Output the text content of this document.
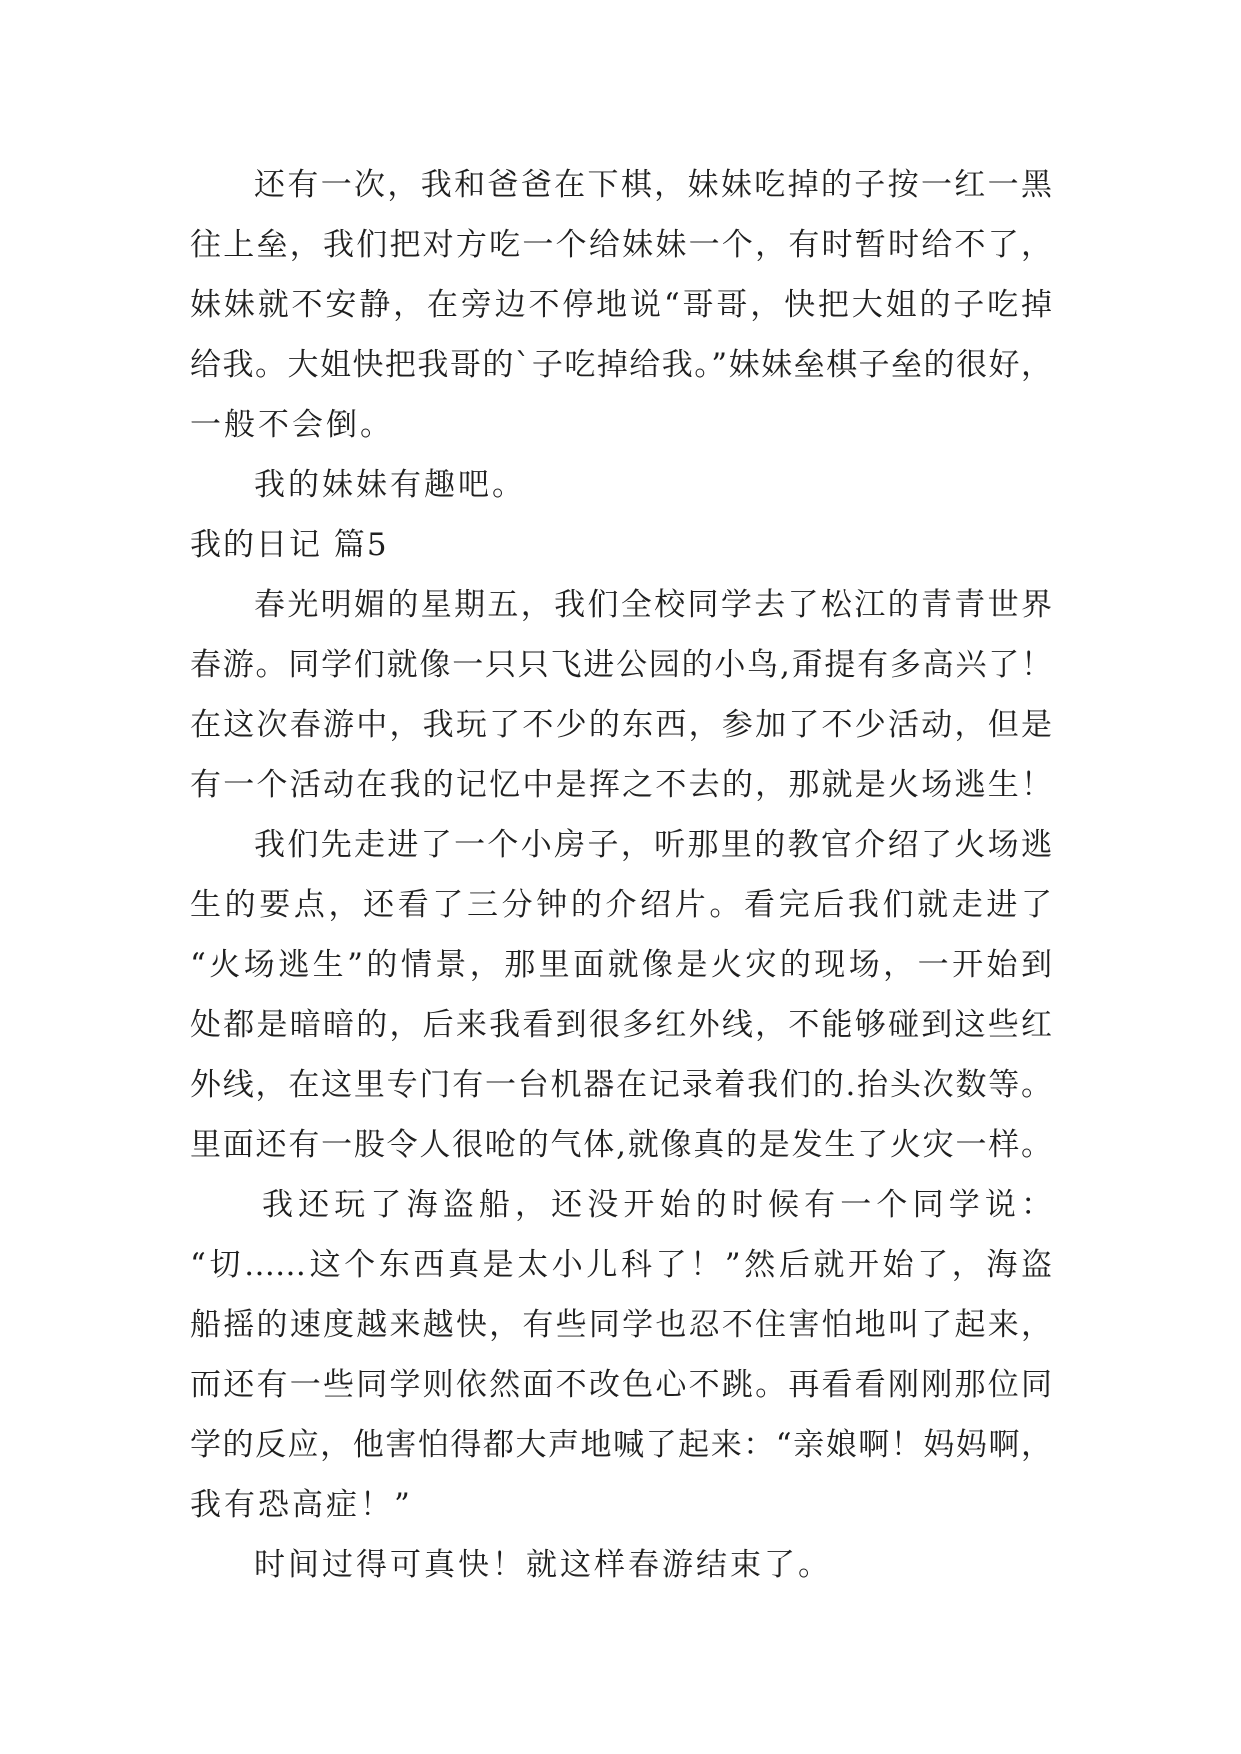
还有一次，我和爸爸在下棋，妹妹吃掉的子按一红一黑

往上垒，我们把对方吃一个给妹妹一个，有时暂时给不了，

妹妹就不安静，在旁边不停地说“哥哥，快把大姐的子吃掉

给我。大姐快把我哥的`子吃掉给我。”妹妹垒棋子垒的很好，

一般不会倒。

我的妹妹有趣吧。

我的日记 篇5

春光明媚的星期五，我们全校同学去了松江的青青世界

春游。同学们就像一只只飞进公园的小鸟,甭提有多高兴了！

在这次春游中，我玩了不少的东西，参加了不少活动，但是

有一个活动在我的记忆中是挥之不去的，那就是火场逃生！

我们先走进了一个小房子，听那里的教官介绍了火场逃

生的要点，还看了三分钟的介绍片。看完后我们就走进了

“火场逃生”的情景，那里面就像是火灾的现场，一开始到

处都是暗暗的，后来我看到很多红外线，不能够碰到这些红

外线，在这里专门有一台机器在记录着我们的.抬头次数等。

里面还有一股令人很呛的气体,就像真的是发生了火灾一样。

我还玩了海盗船，还没开始的时候有一个同学说：

“切……这个东西真是太小儿科了！”然后就开始了，海盗

船摇的速度越来越快，有些同学也忍不住害怕地叫了起来，

而还有一些同学则依然面不改色心不跳。再看看刚刚那位同

学的反应，他害怕得都大声地喊了起来：“亲娘啊！妈妈啊，

我有恐高症！”

时间过得可真快！就这样春游结束了。
